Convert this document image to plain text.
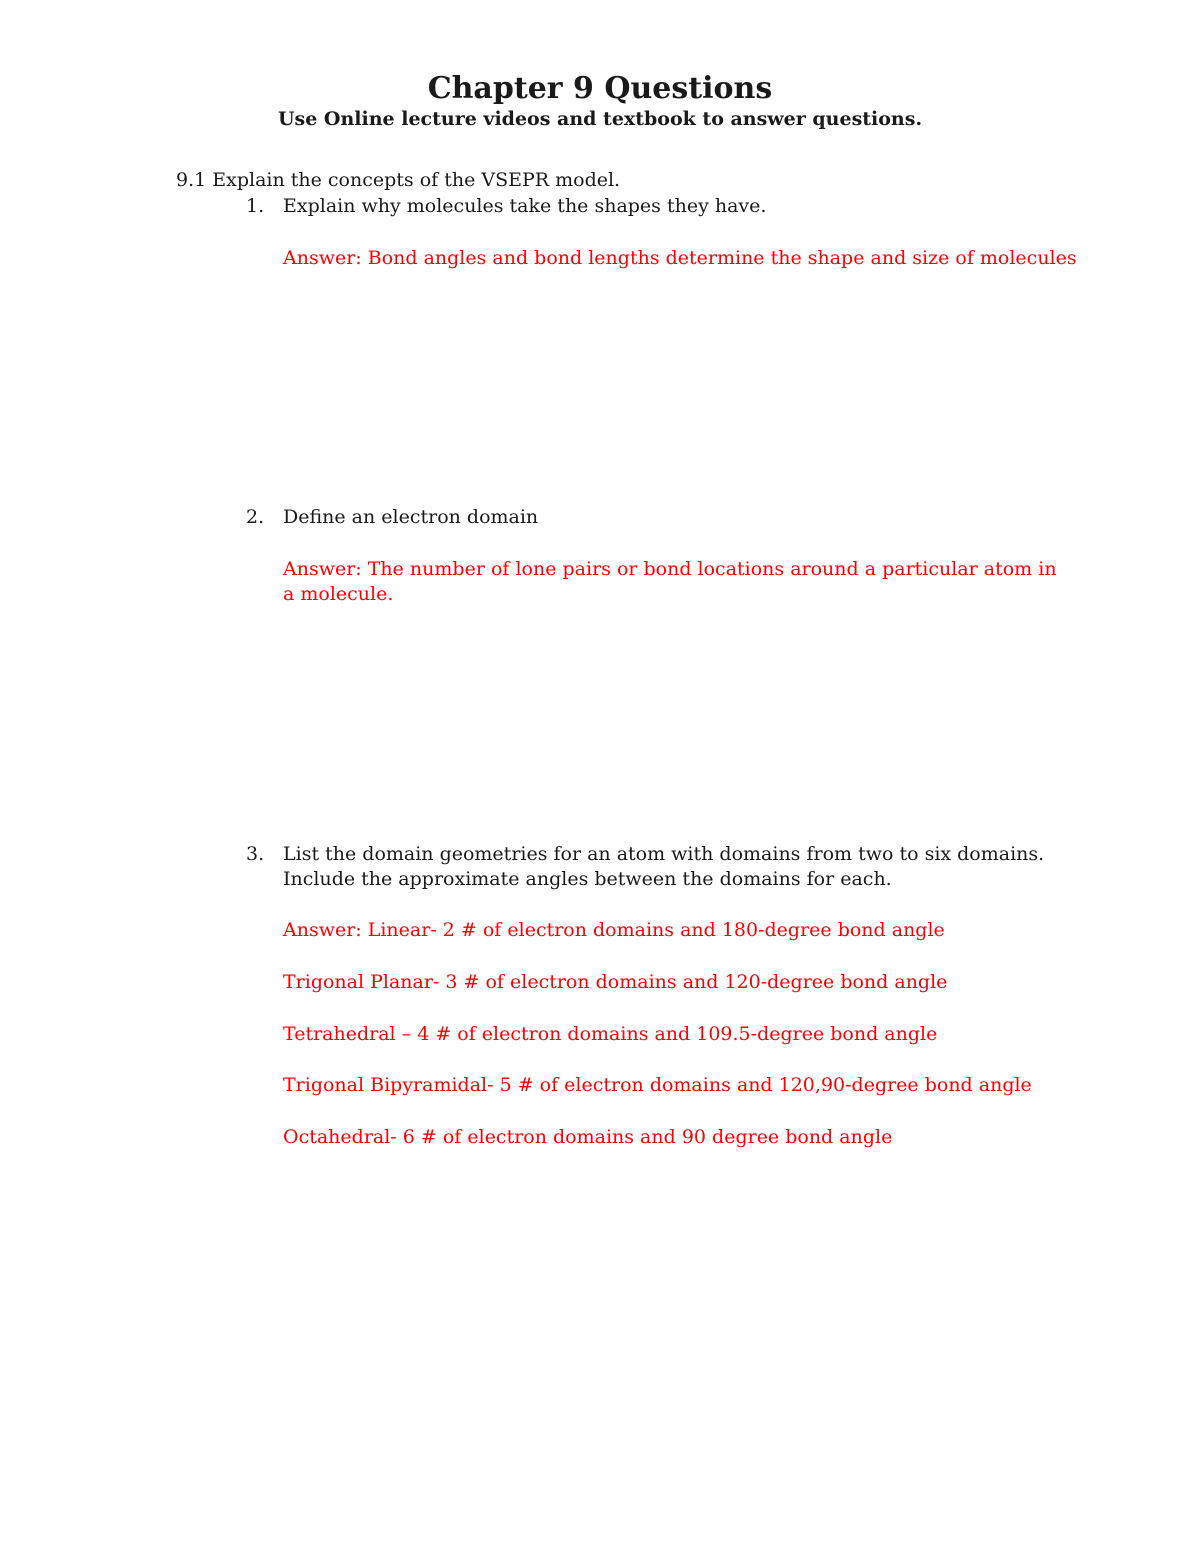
Chapter 9 Questions
Use Online lecture videos and textbook to answer questions.
9.1 Explain the concepts of the VSEPR model.
1. Explain why molecules take the shapes they have.
Answer: Bond angles and bond lengths determine the shape and size of molecules
2. Define an electron domain
Answer: The number of lone pairs or bond locations around a particular atom in
a molecule.
3. List the domain geometries for an atom with domains from two to six domains.
Include the approximate angles between the domains for each.
Answer: Linear- 2 # of electron domains and 180-degree bond angle
Trigonal Planar- 3 # of electron domains and 120-degree bond angle
Tetrahedral – 4 # of electron domains and 109.5-degree bond angle
Trigonal Bipyramidal- 5 # of electron domains and 120,90-degree bond angle
Octahedral- 6 # of electron domains and 90 degree bond angle
